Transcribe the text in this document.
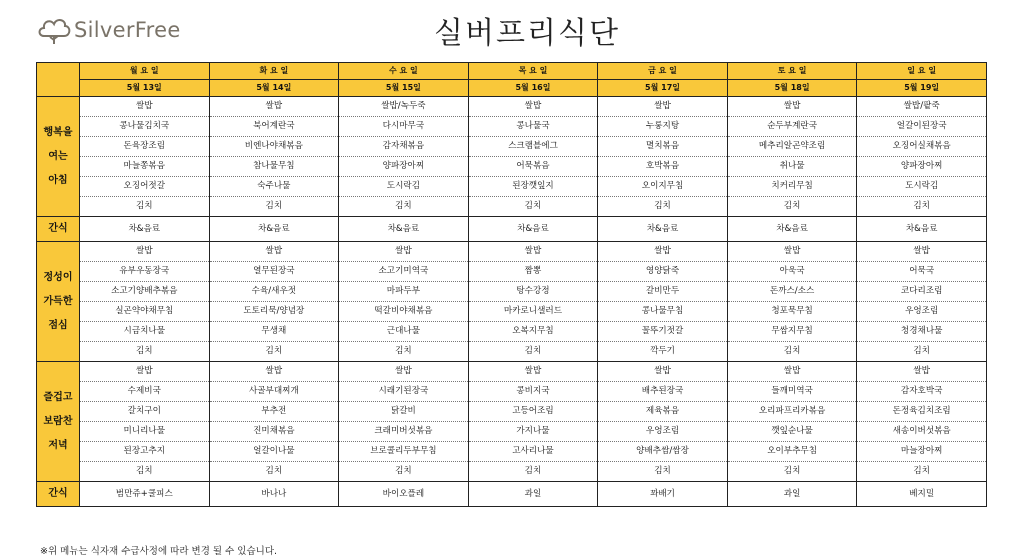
SilverFree	실버프리식단
	월 요 일	화 요 일	수 요 일	목 요 일	금 요 일	토 요 일	일 요 일
	5월 13일	5월 14일	5월 15일	5월 16일	5월 17일	5월 18일	5월 19일

행복을
여는
아침	쌀밥	쌀밥	쌀밥/녹두죽	쌀밥	쌀밥	쌀밥	쌀밥/팥죽
	콩나물김치국	북어계란국	다시마무국	콩나물국	누룽지탕	순두부계란국	얼갈이된장국
	돈육장조림	비엔나야채볶음	감자채볶음	스크램블에그	멸치볶음	메추리알곤약조림	오징어실채볶음
	마늘쫑볶음	참나물무침	양파장아찌	어묵볶음	호박볶음	취나물	양파장아찌
	오징어젓갈	숙주나물	도시락김	된장깻잎지	오이지무침	치커리무침	도시락김
	김치	김치	김치	김치	김치	김치	김치

간식	차&음료	차&음료	차&음료	차&음료	차&음료	차&음료	차&음료

정성이
가득한
점심	쌀밥	쌀밥	쌀밥	쌀밥	쌀밥	쌀밥	쌀밥
	유부우동장국	열무된장국	소고기미역국	짬뽕	영양닭죽	아욱국	어묵국
	소고기양배추볶음	수육/새우젓	마파두부	탕수강정	갈비만두	돈까스/소스	코다리조림
	실곤약야채무침	도토리묵/양념장	떡갈비야채볶음	마카로니샐러드	콩나물무침	청포묵무침	우엉조림
	시금치나물	무생채	근대나물	오복지무침	꼴뚜기젓갈	무쌈지무침	청경채나물
	김치	김치	김치	김치	깍두기	김치	김치

즐겁고
보람찬
저녁	쌀밥	쌀밥	쌀밥	쌀밥	쌀밥	쌀밥	쌀밥
	수제비국	사골부대찌개	시래기된장국	콩비지국	배추된장국	들깨미역국	감자호박국
	갈치구이	부추전	닭갈비	고등어조림	제육볶음	오리파프리카볶음	돈정육김치조림
	미니리나물	진미채볶음	크래미버섯볶음	가지나물	우엉조림	깻잎순나물	새송이버섯볶음
	된장고추지	얼갈이나물	브로콜리두부무침	고사리나물	양배추쌈/쌈장	오이부추무침	마늘장아찌
	김치	김치	김치	김치	김치	김치	김치

간식	범만쥬+쿨피스	바나나	바이오플레	과일	꽈배기	과일	베지밀
※위 메뉴는 식자재 수급사정에 따라 변경 될 수 있습니다.
